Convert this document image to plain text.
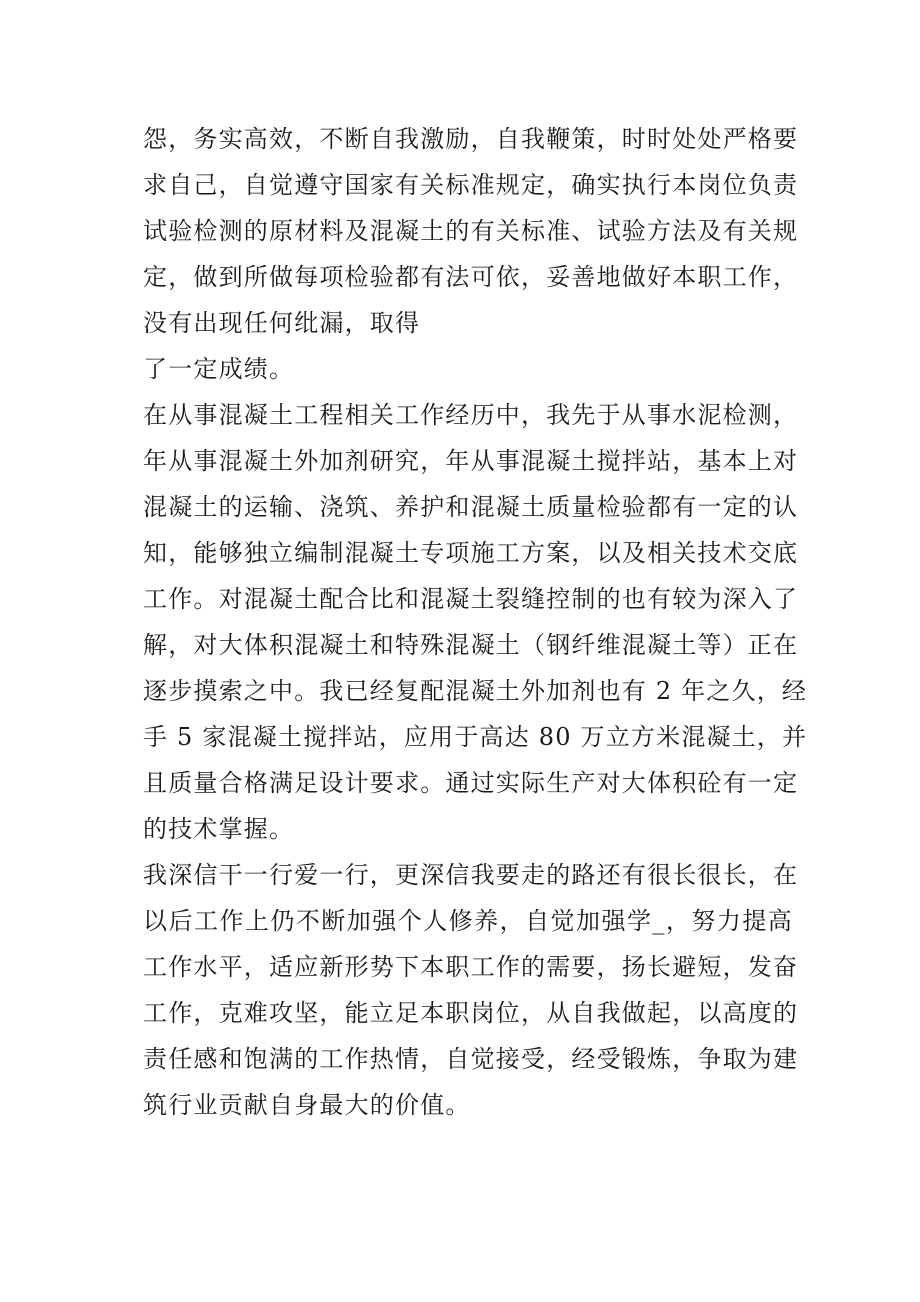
怨，务实高效，不断自我激励，自我鞭策，时时处处严格要
求自己，自觉遵守国家有关标准规定，确实执行本岗位负责
试验检测的原材料及混凝土的有关标准、试验方法及有关规
定，做到所做每项检验都有法可依，妥善地做好本职工作，
没有出现任何纰漏，取得
了一定成绩。
在从事混凝土工程相关工作经历中，我先于从事水泥检测，
年从事混凝土外加剂研究，年从事混凝土搅拌站，基本上对
混凝土的运输、浇筑、养护和混凝土质量检验都有一定的认
知，能够独立编制混凝土专项施工方案，以及相关技术交底
工作。对混凝土配合比和混凝土裂缝控制的也有较为深入了
解，对大体积混凝土和特殊混凝土（钢纤维混凝土等）正在
逐步摸索之中。我已经复配混凝土外加剂也有 2 年之久，经
手 5 家混凝土搅拌站，应用于高达 80 万立方米混凝土，并
且质量合格满足设计要求。通过实际生产对大体积砼有一定
的技术掌握。
我深信干一行爱一行，更深信我要走的路还有很长很长，在
以后工作上仍不断加强个人修养，自觉加强学_，努力提高
工作水平，适应新形势下本职工作的需要，扬长避短，发奋
工作，克难攻坚，能立足本职岗位，从自我做起，以高度的
责任感和饱满的工作热情，自觉接受，经受锻炼，争取为建
筑行业贡献自身最大的价值。
